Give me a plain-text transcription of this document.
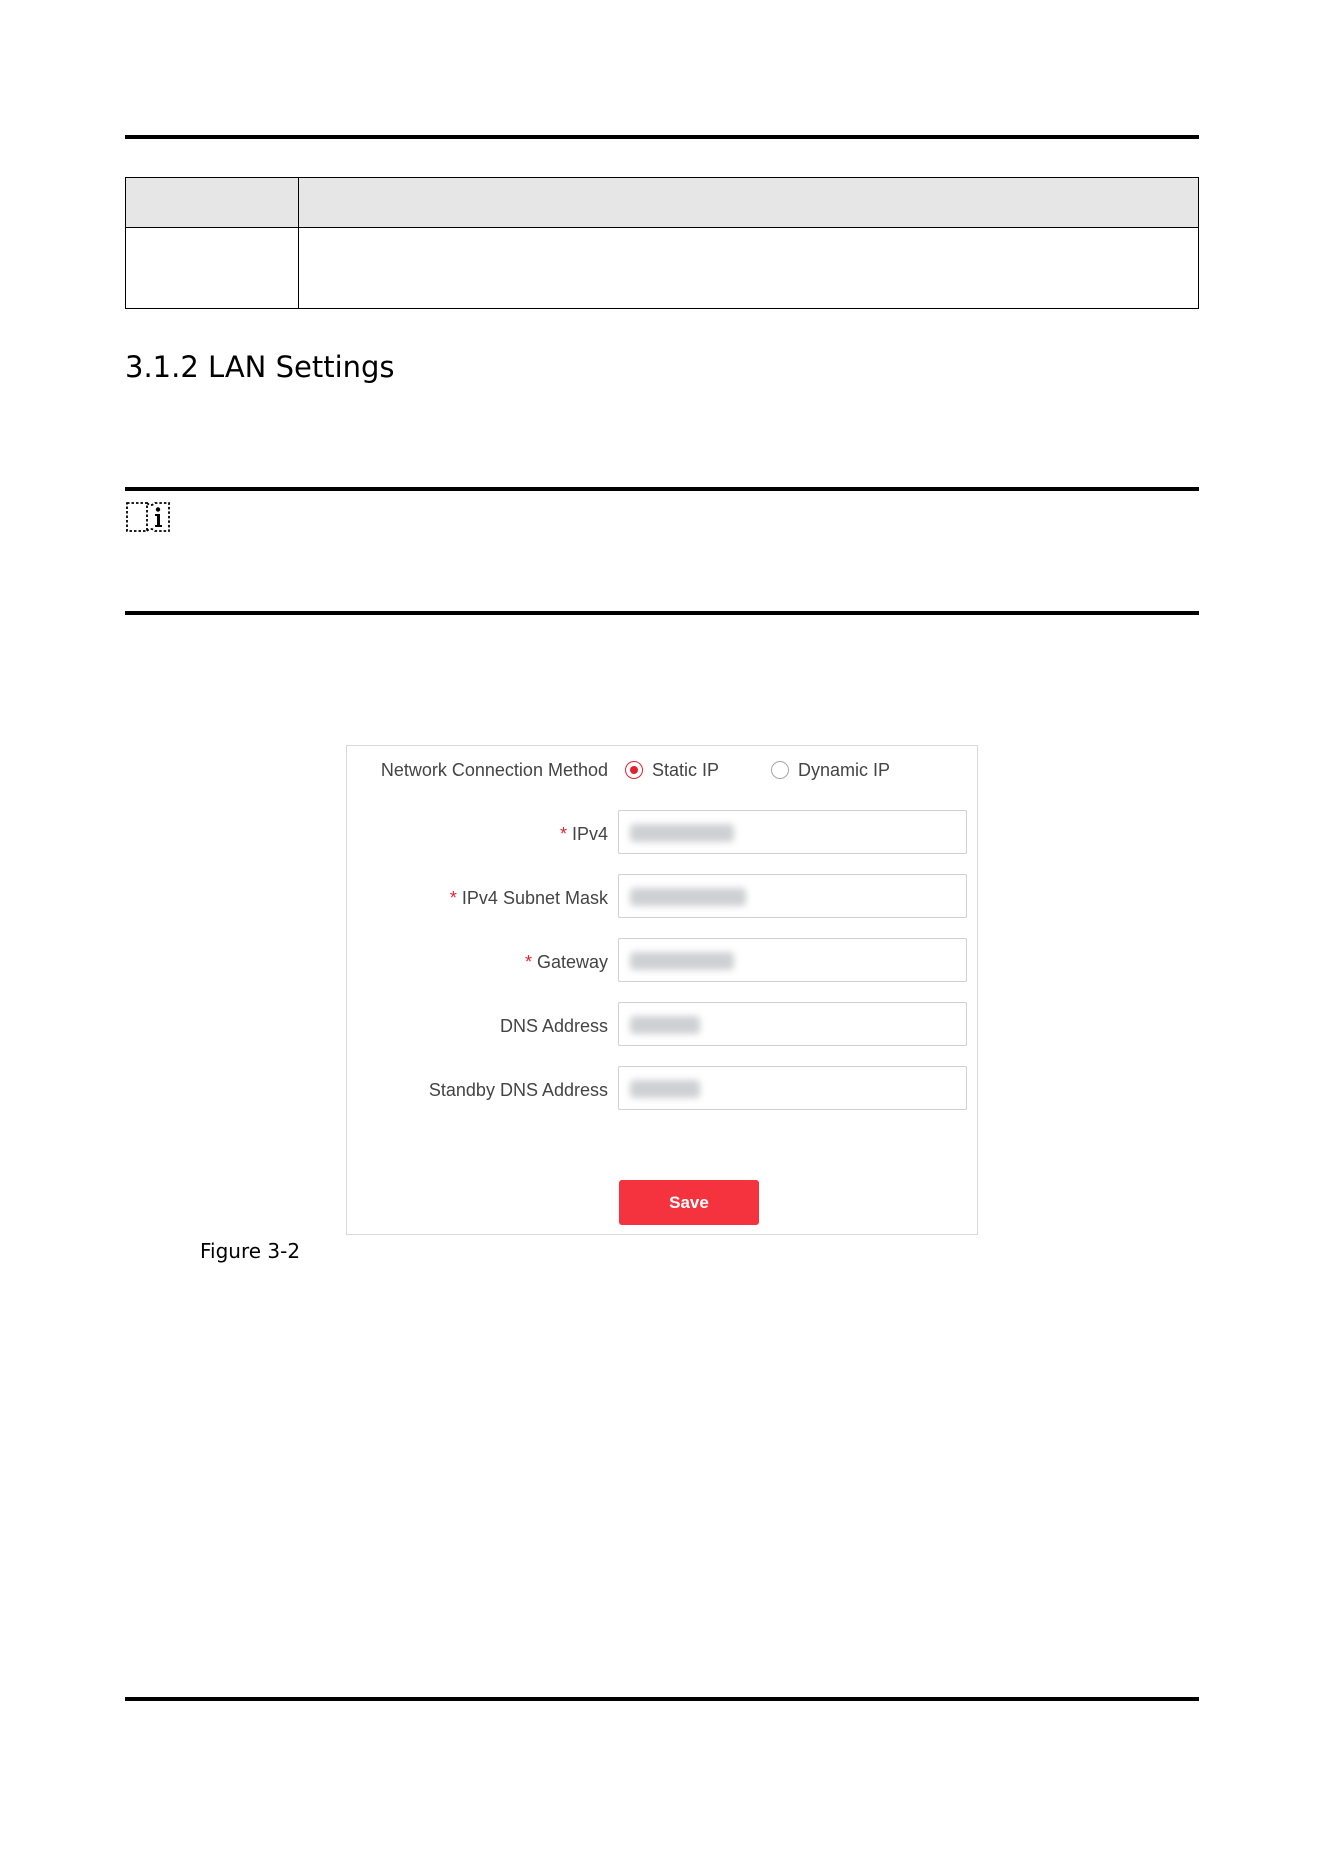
3.1.2 LAN Settings
Network Connection Method Static IP	Dynamic IP
* IPv4
* IPv4 Subnet Mask
* Gateway
DNS Address
Standby DNS Address
Save
Figure 3-2
